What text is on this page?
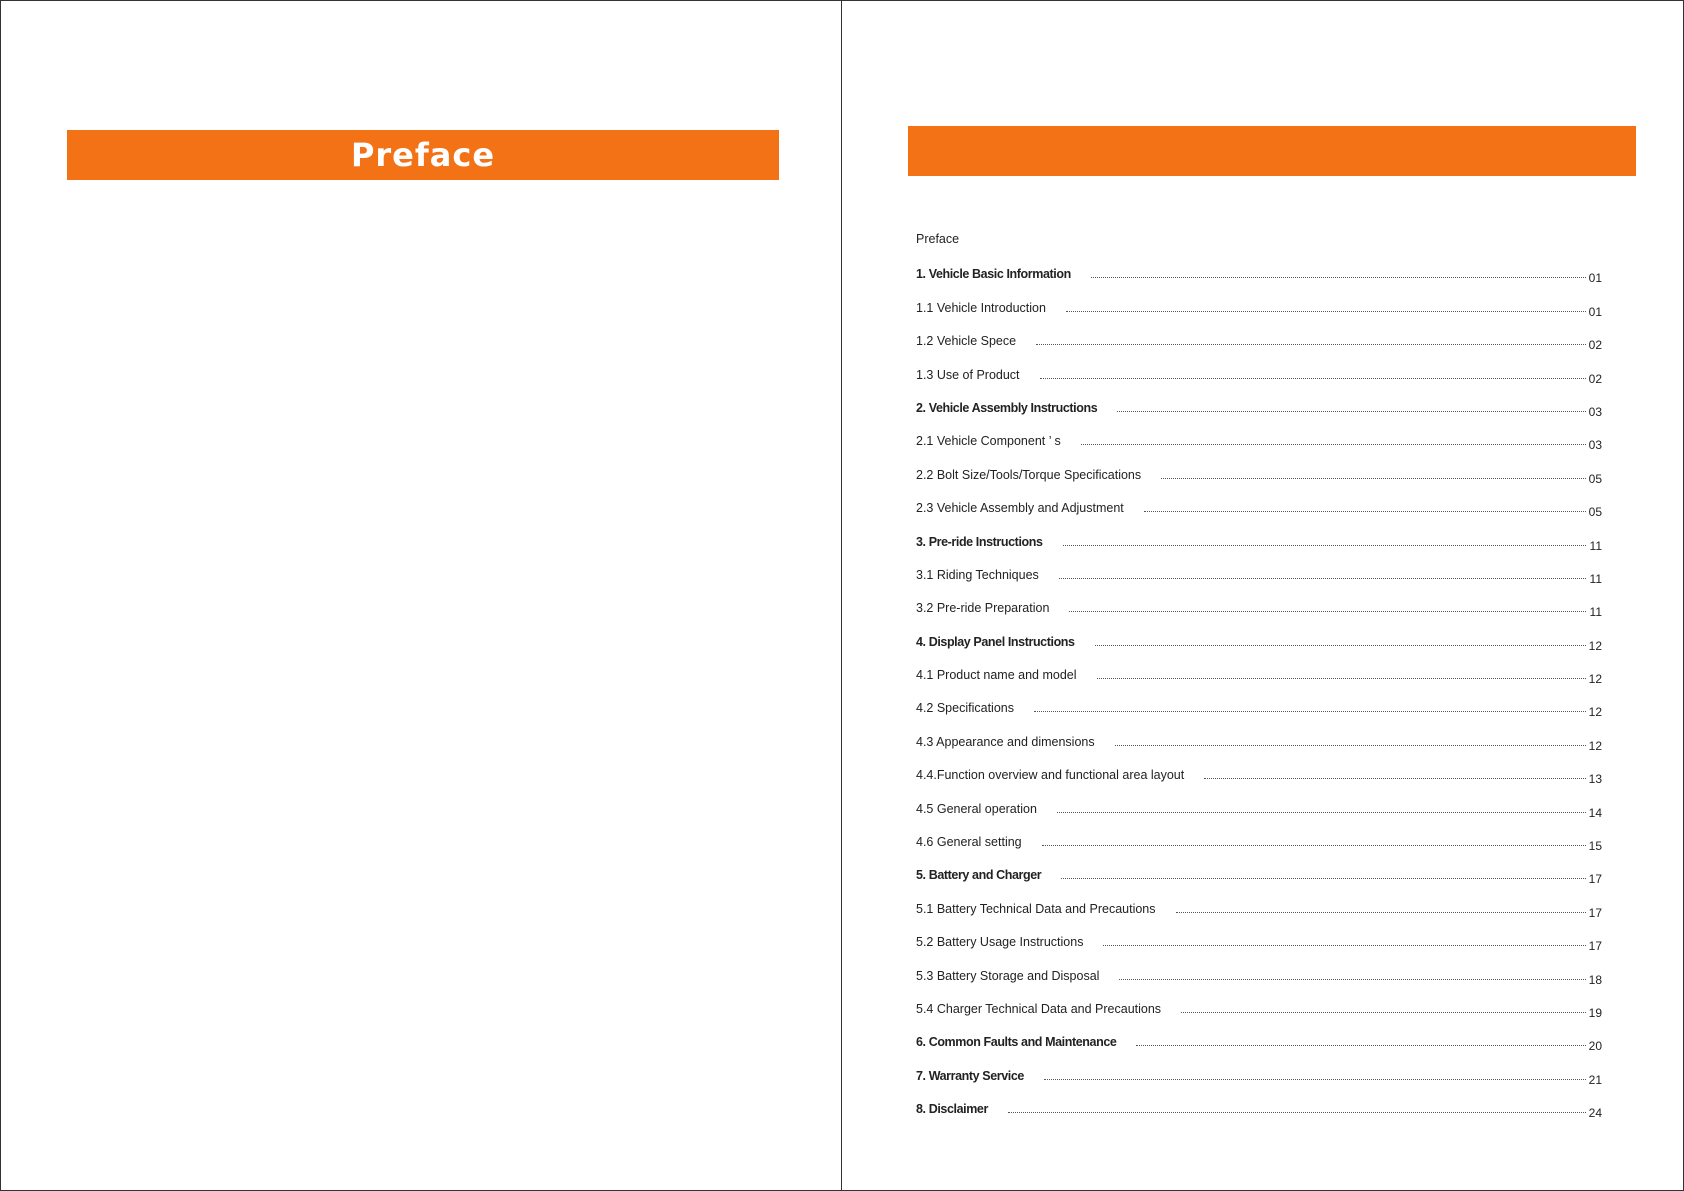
Preface
Preface
1. Vehicle Basic Information	01
1.1 Vehicle Introduction	01
1.2 Vehicle Spece	02
1.3 Use of Product	02
2. Vehicle Assembly Instructions	03
2.1 Vehicle Component ’ s	03
2.2 Bolt Size/Tools/Torque Specifications	05
2.3 Vehicle Assembly and Adjustment	05
3. Pre-ride Instructions	11
3.1 Riding Techniques	11
3.2 Pre-ride Preparation	11
4. Display Panel Instructions	12
4.1 Product name and model	12
4.2 Specifications	12
4.3 Appearance and dimensions	12
4.4.Function overview and functional area layout	13
4.5 General operation	14
4.6 General setting	15
5. Battery and Charger	17
5.1 Battery Technical Data and Precautions	17
5.2 Battery Usage Instructions	17
5.3 Battery Storage and Disposal	18
5.4 Charger Technical Data and Precautions	19
6. Common Faults and Maintenance	20
7. Warranty Service	21
8. Disclaimer	24
